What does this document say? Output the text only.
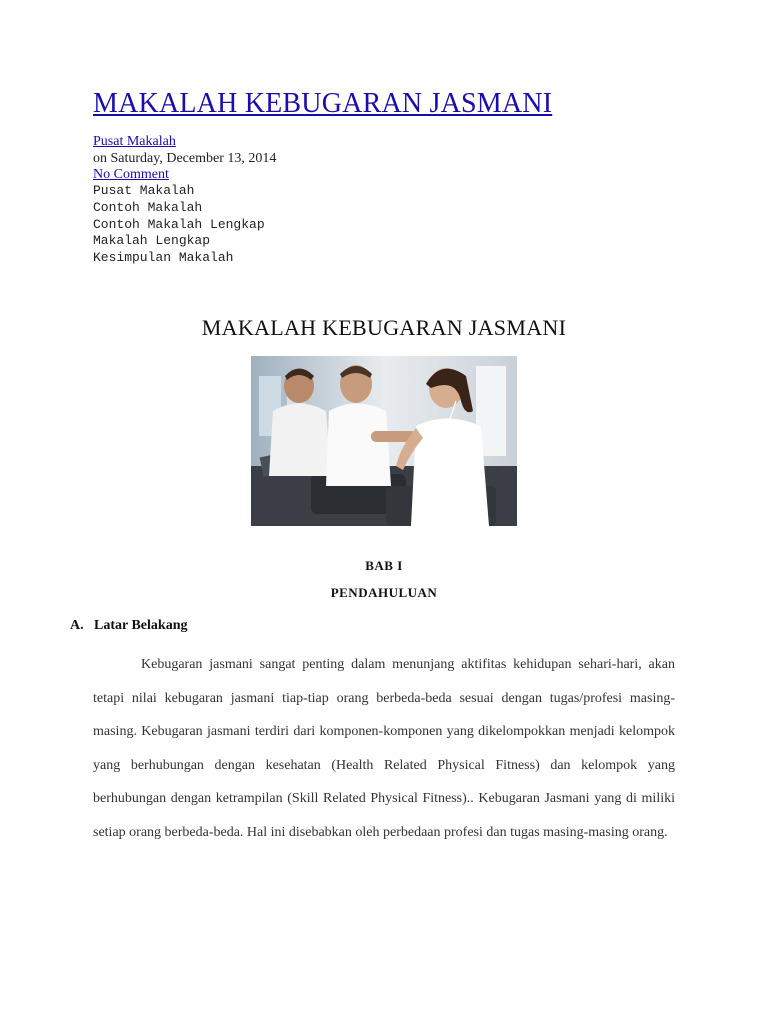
MAKALAH KEBUGARAN JASMANI
Pusat Makalah
on Saturday, December 13, 2014
No Comment
Pusat Makalah
Contoh Makalah
Contoh Makalah Lengkap
Makalah Lengkap
Kesimpulan Makalah
MAKALAH KEBUGARAN JASMANI
BAB I
PENDAHULUAN
A. Latar Belakang
Kebugaran jasmani sangat penting dalam menunjang aktifitas kehidupan sehari-hari, akan tetapi nilai kebugaran jasmani tiap-tiap orang berbeda-beda sesuai dengan tugas/profesi masing-masing. Kebugaran jasmani terdiri dari komponen-komponen yang dikelompokkan menjadi kelompok yang berhubungan dengan kesehatan (Health Related Physical Fitness) dan kelompok yang berhubungan dengan ketrampilan (Skill Related Physical Fitness).. Kebugaran Jasmani yang di miliki setiap orang berbeda-beda. Hal ini disebabkan oleh perbedaan profesi dan tugas masing-masing orang.
